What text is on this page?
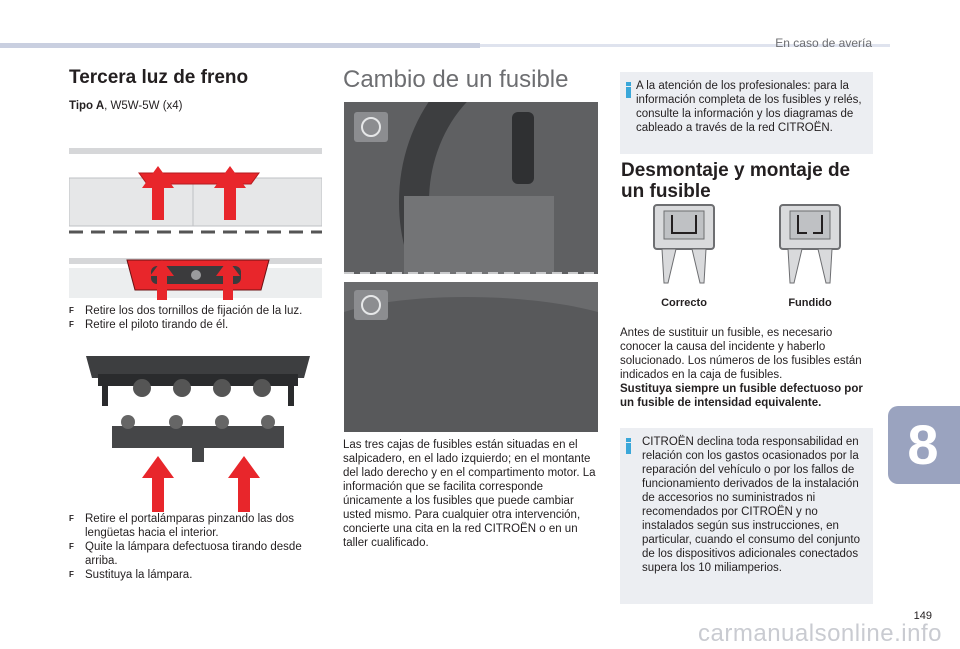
En caso de avería
8
149
carmanualsonline.info
Tercera luz de freno
Tipo A, W5W-5W (x4)
F Retire los dos tornillos de fijación de la luz.
F Retire el piloto tirando de él.
F Retire el portalámparas pinzando las dos lengüetas hacia el interior.
F Quite la lámpara defectuosa tirando desde arriba.
F Sustituya la lámpara.
Cambio de un fusible
Las tres cajas de fusibles están situadas en el salpicadero, en el lado izquierdo; en el montante del lado derecho y en el compartimento motor. La información que se facilita corresponde únicamente a los fusibles que puede cambiar usted mismo. Para cualquier otra intervención, concierte una cita en la red CITROËN o en un taller cualificado.
A la atención de los profesionales: para la información completa de los fusibles y relés, consulte la información y los diagramas de cableado a través de la red CITROËN.
Desmontaje y montaje de un fusible
Correcto	Fundido
Antes de sustituir un fusible, es necesario conocer la causa del incidente y haberlo solucionado. Los números de los fusibles están indicados en la caja de fusibles.
Sustituya siempre un fusible defectuoso por un fusible de intensidad equivalente.
CITROËN declina toda responsabilidad en relación con los gastos ocasionados por la reparación del vehículo o por los fallos de funcionamiento derivados de la instalación de accesorios no suministrados ni recomendados por CITROËN y no instalados según sus instrucciones, en particular, cuando el consumo del conjunto de los dispositivos adicionales conectados supera los 10 miliamperios.
